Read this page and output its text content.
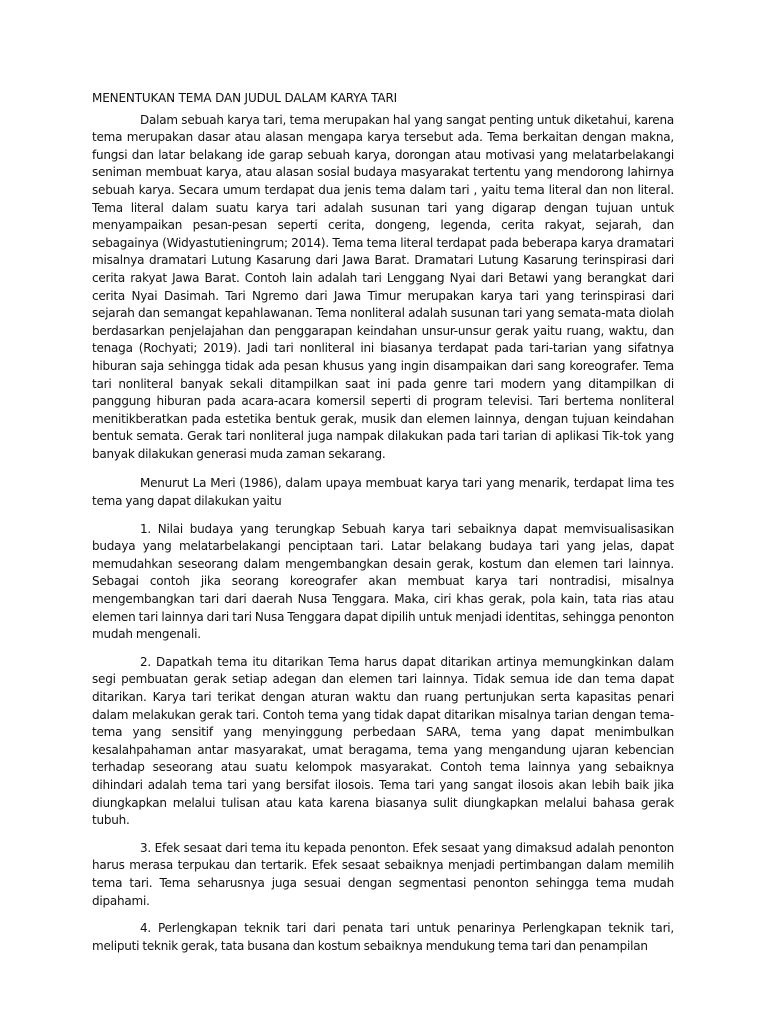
MENENTUKAN TEMA DAN JUDUL DALAM KARYA TARI

Dalam sebuah karya tari, tema merupakan hal yang sangat penting untuk diketahui, karena tema merupakan dasar atau alasan mengapa karya tersebut ada. Tema berkaitan dengan makna, fungsi dan latar belakang ide garap sebuah karya, dorongan atau motivasi yang melatarbelakangi seniman membuat karya, atau alasan sosial budaya masyarakat tertentu yang mendorong lahirnya sebuah karya. Secara umum terdapat dua jenis tema dalam tari , yaitu tema literal dan non literal. Tema literal dalam suatu karya tari adalah susunan tari yang digarap dengan tujuan untuk menyampaikan pesan-pesan seperti cerita, dongeng, legenda, cerita rakyat, sejarah, dan sebagainya (Widyastutieningrum; 2014). Tema tema literal terdapat pada beberapa karya dramatari misalnya dramatari Lutung Kasarung dari Jawa Barat. Dramatari Lutung Kasarung terinspirasi dari cerita rakyat Jawa Barat. Contoh lain adalah tari Lenggang Nyai dari Betawi yang berangkat dari cerita Nyai Dasimah. Tari Ngremo dari Jawa Timur merupakan karya tari yang terinspirasi dari sejarah dan semangat kepahlawanan. Tema nonliteral adalah susunan tari yang semata-mata diolah berdasarkan penjelajahan dan penggarapan keindahan unsur-unsur gerak yaitu ruang, waktu, dan tenaga (Rochyati; 2019). Jadi tari nonliteral ini biasanya terdapat pada tari-tarian yang sifatnya hiburan saja sehingga tidak ada pesan khusus yang ingin disampaikan dari sang koreografer. Tema tari nonliteral banyak sekali ditampilkan saat ini pada genre tari modern yang ditampilkan di panggung hiburan pada acara-acara komersil seperti di program televisi. Tari bertema nonliteral menitikberatkan pada estetika bentuk gerak, musik dan elemen lainnya, dengan tujuan keindahan bentuk semata. Gerak tari nonliteral juga nampak dilakukan pada tari tarian di aplikasi Tik-tok yang banyak dilakukan generasi muda zaman sekarang.

Menurut La Meri (1986), dalam upaya membuat karya tari yang menarik, terdapat lima tes tema yang dapat dilakukan yaitu

1. Nilai budaya yang terungkap Sebuah karya tari sebaiknya dapat memvisualisasikan budaya yang melatarbelakangi penciptaan tari. Latar belakang budaya tari yang jelas, dapat memudahkan seseorang dalam mengembangkan desain gerak, kostum dan elemen tari lainnya. Sebagai contoh jika seorang koreografer akan membuat karya tari nontradisi, misalnya mengembangkan tari dari daerah Nusa Tenggara. Maka, ciri khas gerak, pola kain, tata rias atau elemen tari lainnya dari tari Nusa Tenggara dapat dipilih untuk menjadi identitas, sehingga penonton mudah mengenali.

2. Dapatkah tema itu ditarikan Tema harus dapat ditarikan artinya memungkinkan dalam segi pembuatan gerak setiap adegan dan elemen tari lainnya. Tidak semua ide dan tema dapat ditarikan. Karya tari terikat dengan aturan waktu dan ruang pertunjukan serta kapasitas penari dalam melakukan gerak tari. Contoh tema yang tidak dapat ditarikan misalnya tarian dengan tema-tema yang sensitif yang menyinggung perbedaan SARA, tema yang dapat menimbulkan kesalahpahaman antar masyarakat, umat beragama, tema yang mengandung ujaran kebencian terhadap seseorang atau suatu kelompok masyarakat. Contoh tema lainnya yang sebaiknya dihindari adalah tema tari yang bersifat ilosois. Tema tari yang sangat ilosois akan lebih baik jika diungkapkan melalui tulisan atau kata karena biasanya sulit diungkapkan melalui bahasa gerak tubuh.

3. Efek sesaat dari tema itu kepada penonton. Efek sesaat yang dimaksud adalah penonton harus merasa terpukau dan tertarik. Efek sesaat sebaiknya menjadi pertimbangan dalam memilih tema tari. Tema seharusnya juga sesuai dengan segmentasi penonton sehingga tema mudah dipahami.

4. Perlengkapan teknik tari dari penata tari untuk penarinya Perlengkapan teknik tari, meliputi teknik gerak, tata busana dan kostum sebaiknya mendukung tema tari dan penampilan
